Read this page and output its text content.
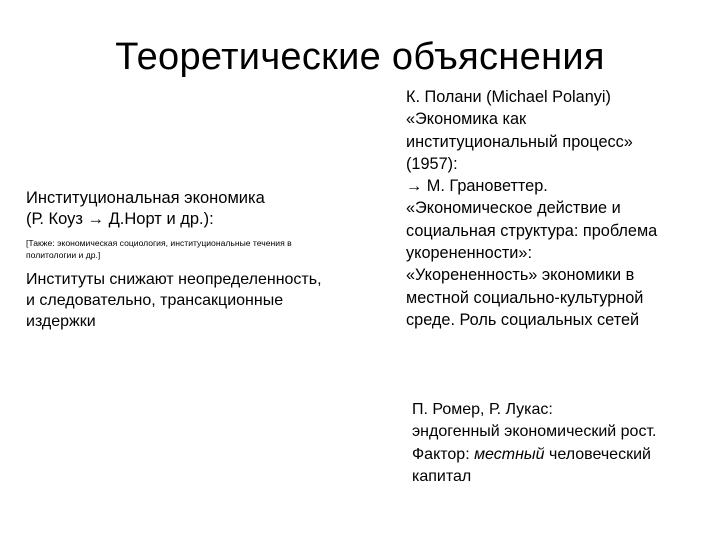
Теоретические объяснения
Институциональная экономика
(Р. Коуз → Д.Норт и др.):
[Также: экономическая социология, институциональные течения в
политологии и др.]
Институты снижают неопределенность,
и следовательно, трансакционные
издержки
К. Полани (Michael Polanyi)
«Экономика как
институциональный процесс»
(1957):
→ М. Грановеттер.
«Экономическое действие и
социальная структура: проблема
укорененности»:
«Укорененность» экономики в
местной социально-культурной
среде. Роль социальных сетей
П. Ромер, Р. Лукас:
эндогенный экономический рост.
Фактор: местный человеческий
капитал
